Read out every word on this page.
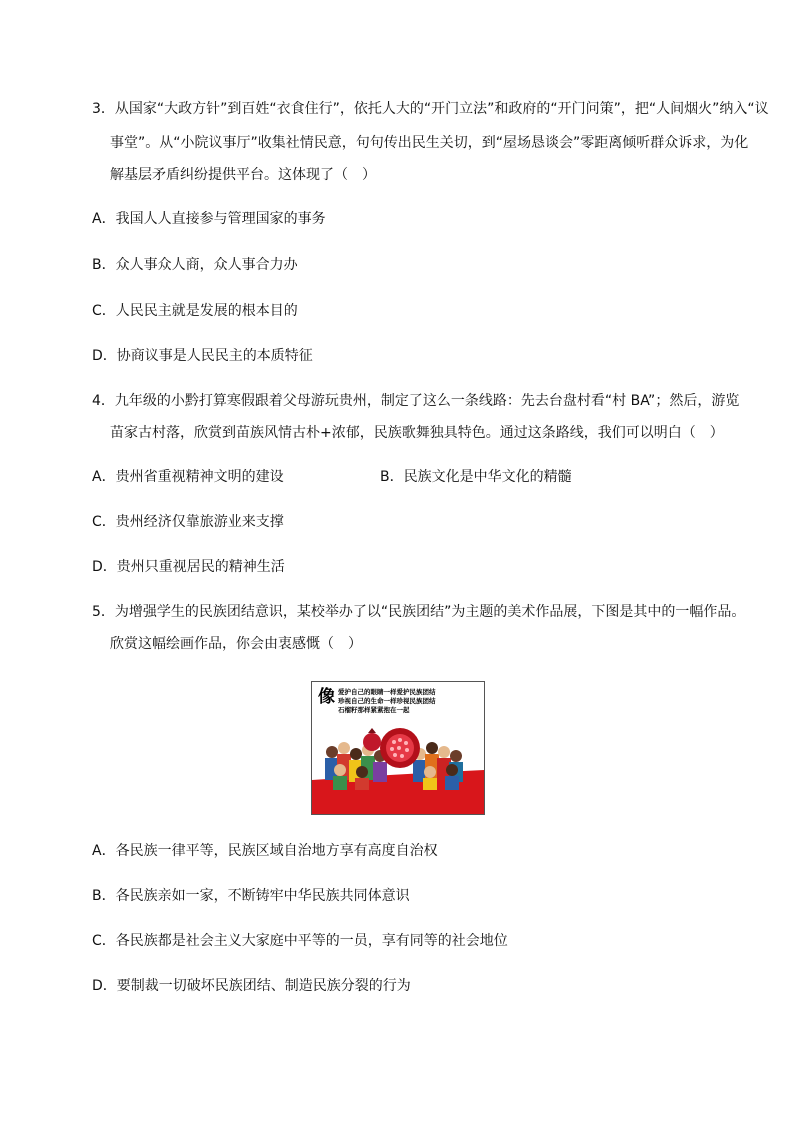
3．从国家“大政方针”到百姓“衣食住行”，依托人大的“开门立法”和政府的“开门问策”，把“人间烟火”纳入“议
事堂”。从“小院议事厅”收集社情民意，句句传出民生关切，到“屋场恳谈会”零距离倾听群众诉求，为化
解基层矛盾纠纷提供平台。这体现了（　）
A．我国人人直接参与管理国家的事务
B．众人事众人商，众人事合力办
C．人民民主就是发展的根本目的
D．协商议事是人民民主的本质特征
4．九年级的小黔打算寒假跟着父母游玩贵州，制定了这么一条线路：先去台盘村看“村 BA”；然后，游览
苗家古村落，欣赏到苗族风情古朴+浓郁，民族歌舞独具特色。通过这条路线，我们可以明白（　）
A．贵州省重视精神文明的建设	B．民族文化是中华文化的精髓
C．贵州经济仅靠旅游业来支撑
D．贵州只重视居民的精神生活
5．为增强学生的民族团结意识，某校举办了以“民族团结”为主题的美术作品展，下图是其中的一幅作品。
欣赏这幅绘画作品，你会由衷感慨（　）
像 爱护自己的眼睛一样爱护民族团结
珍视自己的生命一样珍视民族团结
石榴籽那样紧紧抱在一起
A．各民族一律平等，民族区域自治地方享有高度自治权
B．各民族亲如一家，不断铸牢中华民族共同体意识
C．各民族都是社会主义大家庭中平等的一员，享有同等的社会地位
D．要制裁一切破坏民族团结、制造民族分裂的行为
